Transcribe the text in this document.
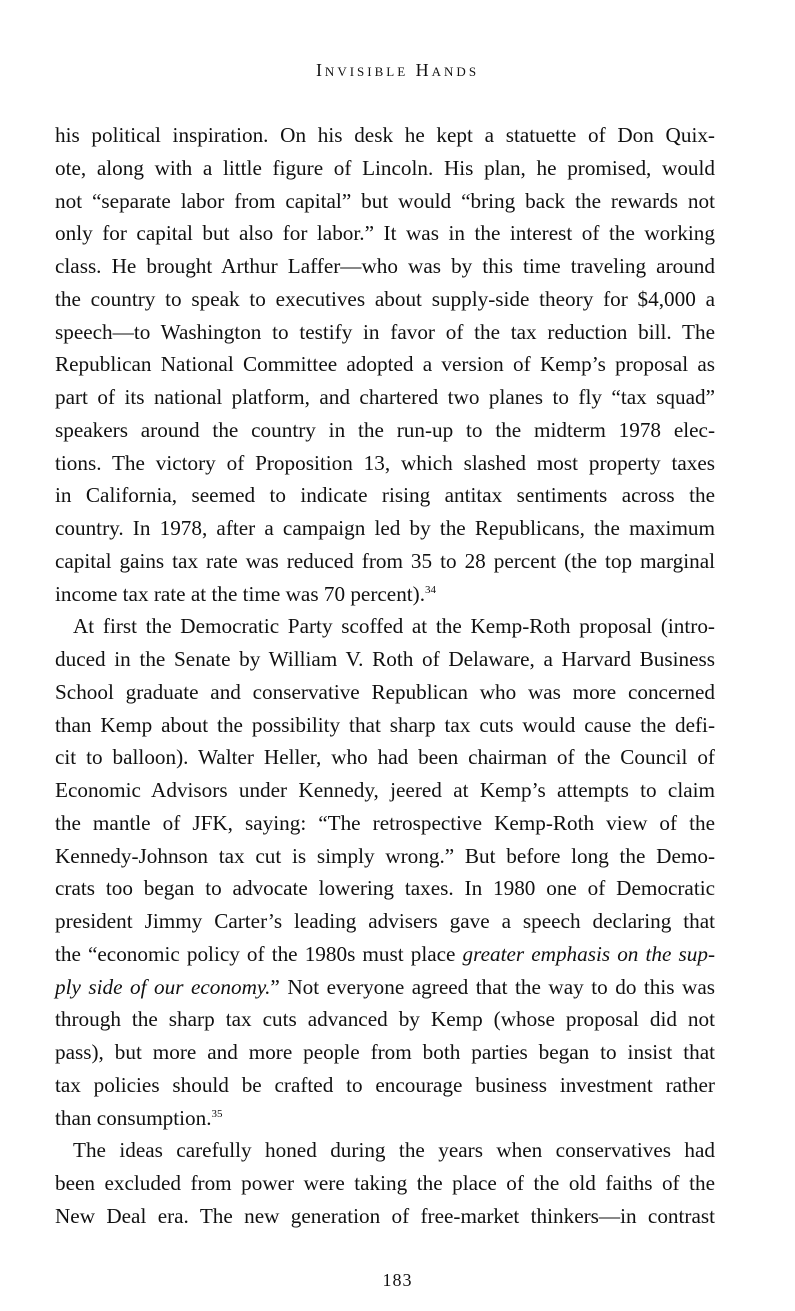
Invisible Hands

his political inspiration. On his desk he kept a statuette of Don Quix-
ote, along with a little figure of Lincoln. His plan, he promised, would
not “separate labor from capital” but would “bring back the rewards not
only for capital but also for labor.” It was in the interest of the working
class. He brought Arthur Laffer—who was by this time traveling around
the country to speak to executives about supply-side theory for $4,000 a
speech—to Washington to testify in favor of the tax reduction bill. The
Republican National Committee adopted a version of Kemp’s proposal as
part of its national platform, and chartered two planes to fly “tax squad”
speakers around the country in the run-up to the midterm 1978 elec-
tions. The victory of Proposition 13, which slashed most property taxes
in California, seemed to indicate rising antitax sentiments across the
country. In 1978, after a campaign led by the Republicans, the maximum
capital gains tax rate was reduced from 35 to 28 percent (the top marginal
income tax rate at the time was 70 percent).$^{34}$

At first the Democratic Party scoffed at the Kemp-Roth proposal (intro-
duced in the Senate by William V. Roth of Delaware, a Harvard Business
School graduate and conservative Republican who was more concerned
than Kemp about the possibility that sharp tax cuts would cause the defi-
cit to balloon). Walter Heller, who had been chairman of the Council of
Economic Advisors under Kennedy, jeered at Kemp’s attempts to claim
the mantle of JFK, saying: “The retrospective Kemp-Roth view of the
Kennedy-Johnson tax cut is simply wrong.” But before long the Demo-
crats too began to advocate lowering taxes. In 1980 one of Democratic
president Jimmy Carter’s leading advisers gave a speech declaring that
the “economic policy of the 1980s must place greater emphasis on the sup-
ply side of our economy.” Not everyone agreed that the way to do this was
through the sharp tax cuts advanced by Kemp (whose proposal did not
pass), but more and more people from both parties began to insist that
tax policies should be crafted to encourage business investment rather
than consumption.$^{35}$

The ideas carefully honed during the years when conservatives had
been excluded from power were taking the place of the old faiths of the
New Deal era. The new generation of free-market thinkers—in contrast

183
